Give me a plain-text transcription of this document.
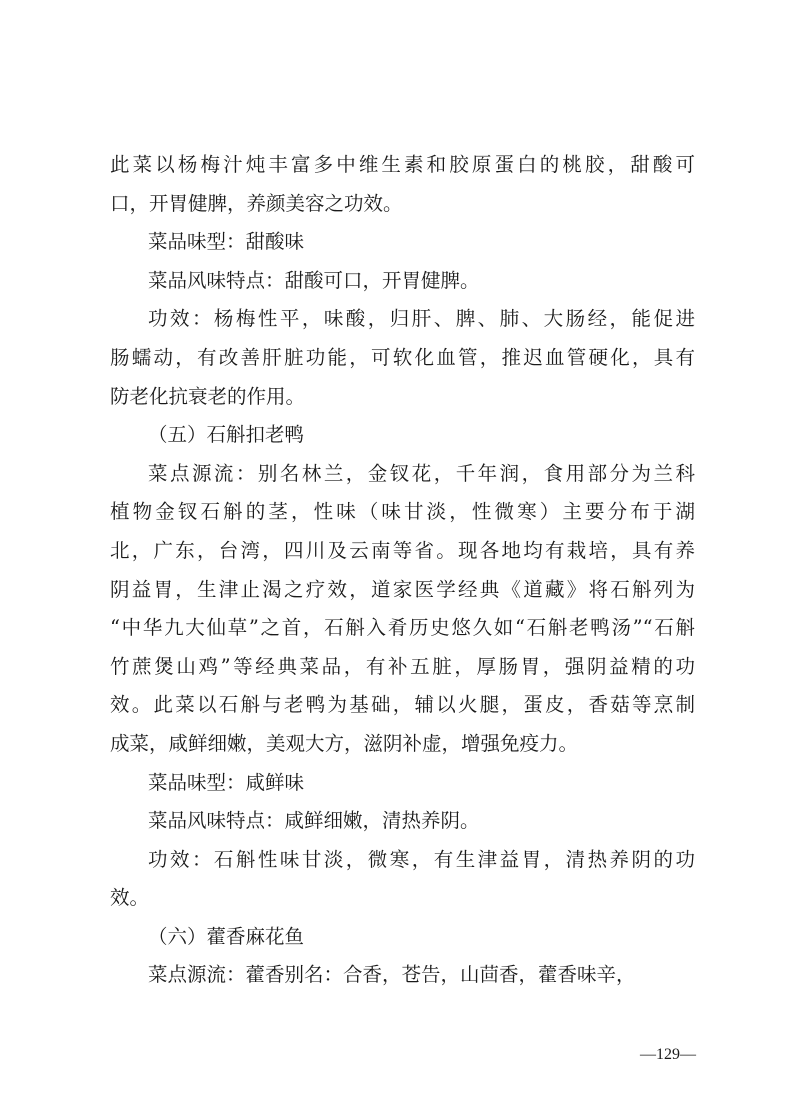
此菜以杨梅汁炖丰富多中维生素和胶原蛋白的桃胶，甜酸可
口，开胃健脾，养颜美容之功效。
菜品味型：甜酸味
菜品风味特点：甜酸可口，开胃健脾。
功效：杨梅性平，味酸，归肝、脾、肺、大肠经，能促进
肠蠕动，有改善肝脏功能，可软化血管，推迟血管硬化，具有
防老化抗衰老的作用。
（五）石斛扣老鸭
菜点源流：别名林兰，金钗花，千年润，食用部分为兰科
植物金钗石斛的茎，性味（味甘淡，性微寒）主要分布于湖
北，广东，台湾，四川及云南等省。现各地均有栽培，具有养
阴益胃，生津止渴之疗效，道家医学经典《道藏》将石斛列为
“中华九大仙草”之首，石斛入肴历史悠久如“石斛老鸭汤”“石斛
竹蔗煲山鸡”等经典菜品，有补五脏，厚肠胃，强阴益精的功
效。此菜以石斛与老鸭为基础，辅以火腿，蛋皮，香菇等烹制
成菜，咸鲜细嫩，美观大方，滋阴补虚，增强免疫力。
菜品味型：咸鲜味
菜品风味特点：咸鲜细嫩，清热养阴。
功效：石斛性味甘淡，微寒，有生津益胃，清热养阴的功
效。
（六）藿香麻花鱼
菜点源流：藿香别名：合香，苍告，山茴香，藿香味辛，
—129—
